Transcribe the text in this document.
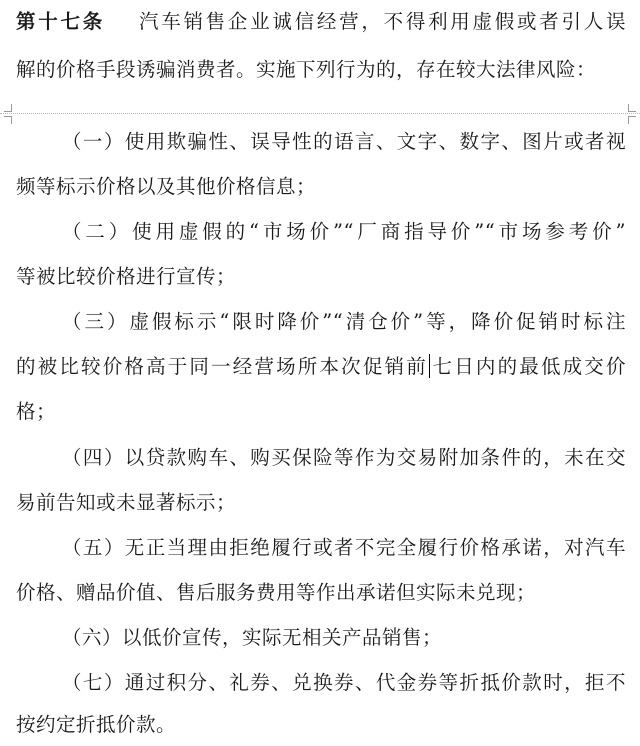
第十七条 汽车销售企业诚信经营，不得利用虚假或者引人误
解的价格手段诱骗消费者。实施下列行为的，存在较大法律风险：
（一）使用欺骗性、误导性的语言、文字、数字、图片或者视
频等标示价格以及其他价格信息；
（二）使用虚假的“市场价”“厂商指导价”“市场参考价”
等被比较价格进行宣传；
（三）虚假标示“限时降价”“清仓价”等，降价促销时标注
的被比较价格高于同一经营场所本次促销前 七日内的最低成交价
格；
（四）以贷款购车、购买保险等作为交易附加条件的，未在交
易前告知或未显著标示；
（五）无正当理由拒绝履行或者不完全履行价格承诺，对汽车
价格、赠品价值、售后服务费用等作出承诺但实际未兑现；
（六）以低价宣传，实际无相关产品销售；
（七）通过积分、礼券、兑换券、代金券等折抵价款时，拒不
按约定折抵价款。
